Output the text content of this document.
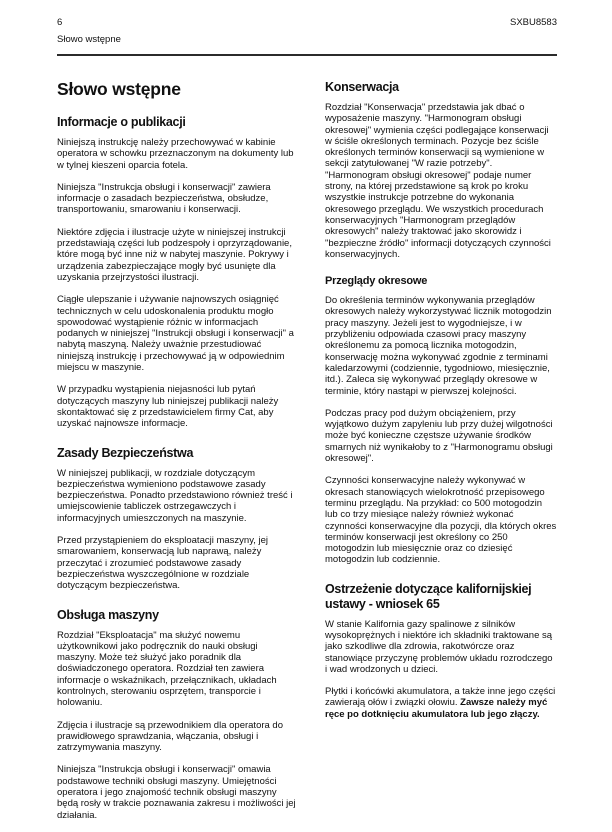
6	SXBU8583
Słowo wstępne
Słowo wstępne
Informacje o publikacji

Niniejszą instrukcję należy przechowywać w kabinie operatora w schowku przeznaczonym na dokumenty lub w tylnej kieszeni oparcia fotela.

Niniejsza "Instrukcja obsługi i konserwacji" zawiera informacje o zasadach bezpieczeństwa, obsłudze, transportowaniu, smarowaniu i konserwacji.

Niektóre zdjęcia i ilustracje użyte w niniejszej instrukcji przedstawiają części lub podzespoły i oprzyrządowanie, które mogą być inne niż w nabytej maszynie. Pokrywy i urządzenia zabezpieczające mogły być usunięte dla uzyskania przejrzystości ilustracji.

Ciągłe ulepszanie i używanie najnowszych osiągnięć technicznych w celu udoskonalenia produktu mogło spowodować wystąpienie różnic w informacjach podanych w niniejszej "Instrukcji obsługi i konserwacji" a nabytą maszyną. Należy uważnie przestudiować niniejszą instrukcję i przechowywać ją w odpowiednim miejscu w maszynie.

W przypadku wystąpienia niejasności lub pytań dotyczących maszyny lub niniejszej publikacji należy skontaktować się z przedstawicielem firmy Cat, aby uzyskać najnowsze informacje.

Zasady Bezpieczeństwa

W niniejszej publikacji, w rozdziale dotyczącym bezpieczeństwa wymieniono podstawowe zasady bezpieczeństwa. Ponadto przedstawiono również treść i umiejscowienie tabliczek ostrzegawczych i informacyjnych umieszczonych na maszynie.

Przed przystąpieniem do eksploatacji maszyny, jej smarowaniem, konserwacją lub naprawą, należy przeczytać i zrozumieć podstawowe zasady bezpieczeństwa wyszczególnione w rozdziale dotyczącym bezpieczeństwa.

Obsługa maszyny

Rozdział "Eksploatacja" ma służyć nowemu użytkownikowi jako podręcznik do nauki obsługi maszyny. Może też służyć jako poradnik dla doświadczonego operatora. Rozdział ten zawiera informacje o wskaźnikach, przełącznikach, układach kontrolnych, sterowaniu osprzętem, transporcie i holowaniu.

Zdjęcia i ilustracje są przewodnikiem dla operatora do prawidłowego sprawdzania, włączania, obsługi i zatrzymywania maszyny.

Niniejsza "Instrukcja obsługi i konserwacji" omawia podstawowe techniki obsługi maszyny. Umiejętności operatora i jego znajomość technik obsługi maszyny będą rosły w trakcie poznawania zakresu i możliwości jej działania.

Konserwacja

Rozdział "Konserwacja" przedstawia jak dbać o wyposażenie maszyny. "Harmonogram obsługi okresowej" wymienia części podlegające konserwacji w ściśle określonych terminach. Pozycje bez ściśle określonych terminów konserwacji są wymienione w sekcji zatytułowanej "W razie potrzeby". "Harmonogram obsługi okresowej" podaje numer strony, na której przedstawione są krok po kroku wszystkie instrukcje potrzebne do wykonania okresowego przeglądu. We wszystkich procedurach konserwacyjnych "Harmonogram przeglądów okresowych" należy traktować jako skorowidz i "bezpieczne źródło" informacji dotyczących czynności konserwacyjnych.

Przeglądy okresowe

Do określenia terminów wykonywania przeglądów okresowych należy wykorzystywać licznik motogodzin pracy maszyny. Jeżeli jest to wygodniejsze, i w przybliżeniu odpowiada czasowi pracy maszyny określonemu za pomocą licznika motogodzin, konserwację można wykonywać zgodnie z terminami kaledarzowymi (codziennie, tygodniowo, miesięcznie, itd.). Zaleca się wykonywać przeglądy okresowe w terminie, który nastąpi w pierwszej kolejności.

Podczas pracy pod dużym obciążeniem, przy wyjątkowo dużym zapyleniu lub przy dużej wilgotności może być konieczne częstsze używanie środków smarnych niż wynikałoby to z "Harmonogramu obsługi okresowej".

Czynności konserwacyjne należy wykonywać w okresach stanowiących wielokrotność przepisowego terminu przeglądu. Na przykład: co 500 motogodzin lub co trzy miesiące należy również wykonać czynności konserwacyjne dla pozycji, dla których okres terminów konserwacji jest określony co 250 motogodzin lub miesięcznie oraz co dziesięć motogodzin lub codziennie.

Ostrzeżenie dotyczące kalifornijskiej ustawy - wniosek 65

W stanie Kalifornia gazy spalinowe z silników wysokoprężnych i niektóre ich składniki traktowane są jako szkodliwe dla zdrowia, rakotwórcze oraz stanowiące przyczynę problemów układu rozrodczego i wad wrodzonych u dzieci.

Płytki i końcówki akumulatora, a także inne jego części zawierają ołów i związki ołowiu. Zawsze należy myć ręce po dotknięciu akumulatora lub jego złączy.
